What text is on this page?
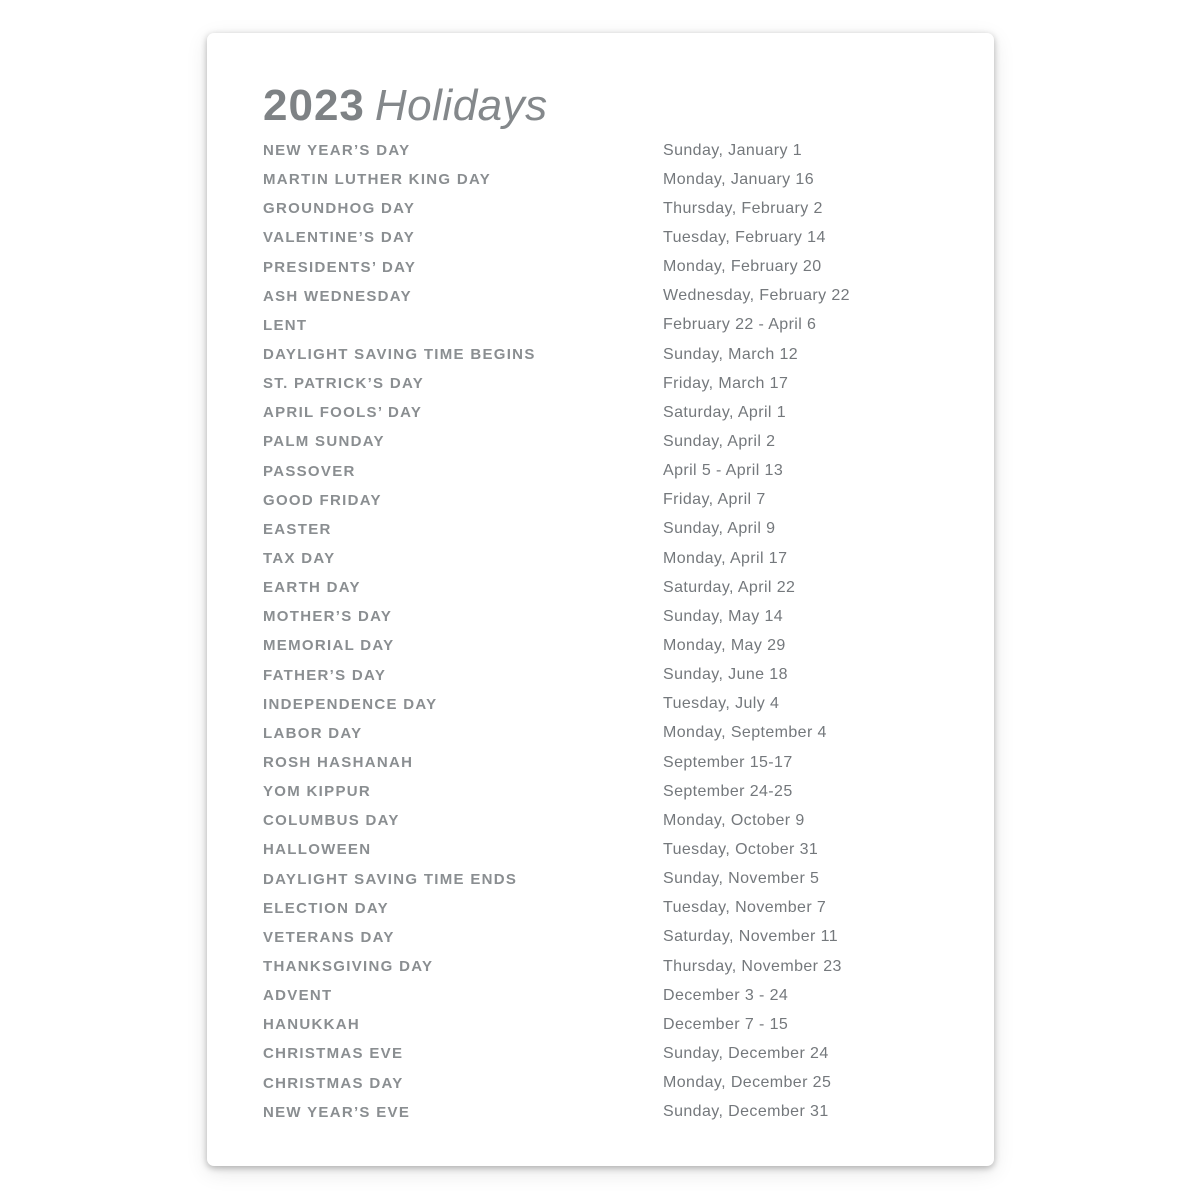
2023 Holidays
NEW YEAR’S DAY	Sunday, January 1
MARTIN LUTHER KING DAY	Monday, January 16
GROUNDHOG DAY	Thursday, February 2
VALENTINE’S DAY	Tuesday, February 14
PRESIDENTS’ DAY	Monday, February 20
ASH WEDNESDAY	Wednesday, February 22
LENT	February 22 - April 6
DAYLIGHT SAVING TIME BEGINS	Sunday, March 12
ST. PATRICK’S DAY	Friday, March 17
APRIL FOOLS’ DAY	Saturday, April 1
PALM SUNDAY	Sunday, April 2
PASSOVER	April 5 - April 13
GOOD FRIDAY	Friday, April 7
EASTER	Sunday, April 9
TAX DAY	Monday, April 17
EARTH DAY	Saturday, April 22
MOTHER’S DAY	Sunday, May 14
MEMORIAL DAY	Monday, May 29
FATHER’S DAY	Sunday, June 18
INDEPENDENCE DAY	Tuesday, July 4
LABOR DAY	Monday, September 4
ROSH HASHANAH	September 15-17
YOM KIPPUR	September 24-25
COLUMBUS DAY	Monday, October 9
HALLOWEEN	Tuesday, October 31
DAYLIGHT SAVING TIME ENDS	Sunday, November 5
ELECTION DAY	Tuesday, November 7
VETERANS DAY	Saturday, November 11
THANKSGIVING DAY	Thursday, November 23
ADVENT	December 3 - 24
HANUKKAH	December 7 - 15
CHRISTMAS EVE	Sunday, December 24
CHRISTMAS DAY	Monday, December 25
NEW YEAR’S EVE	Sunday, December 31
